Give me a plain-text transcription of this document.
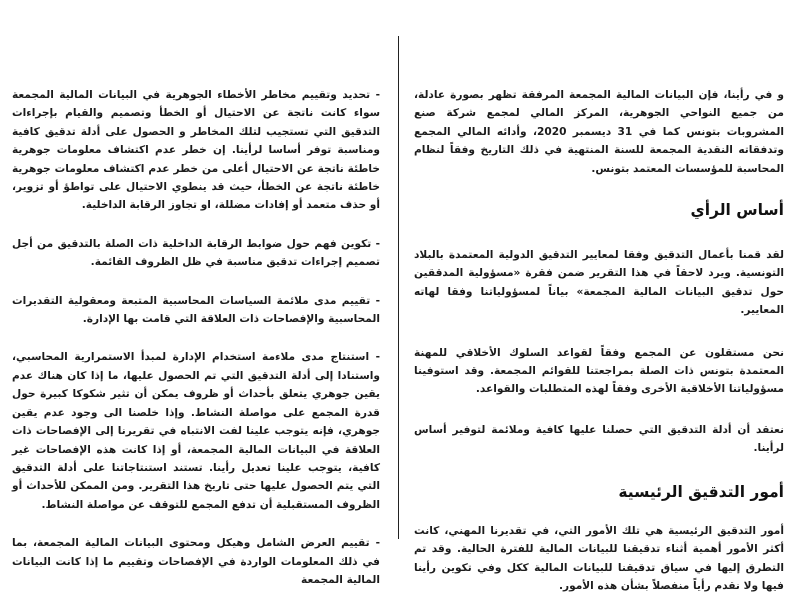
و في رأينا، فإن البيانات المالية المجمعة المرفقة تظهر بصورة عادلة، من جميع النواحي الجوهرية، المركز المالي لمجمع شركة صنع المشروبات بتونس كما في 31 ديسمبر 2020، وأدائه المالي المجمع وتدفقاته النقدية المجمعة للسنة المنتهية في ذلك التاريخ وفقاً لنظام المحاسبة للمؤسسات المعتمد بتونس.

أساس الرأي

لقد قمنا بأعمال التدقيق وفقا لمعايير التدقيق الدولية المعتمدة بالبلاد التونسية. ويرد لاحقاً في هذا التقرير ضمن فقرة «مسؤولية المدققين حول تدقيق البيانات المالية المجمعة» بياناً لمسؤولياتنا وفقا لهاته المعايير.

نحن مستقلون عن المجمع وفقاً لقواعد السلوك الأخلاقي للمهنة المعتمدة بتونس ذات الصلة بمراجعتنا للقوائم المجمعة. وقد استوفينا مسؤولياتنا الأخلاقية الأخرى وفقاً لهذه المتطلبات والقواعد.

نعتقد أن أدلة التدقيق التي حصلنا عليها كافية وملائمة لتوفير أساس لرأينا.

أمور التدقيق الرئيسية

أمور التدقيق الرئيسية هي تلك الأمور التي، في تقديرنا المهني، كانت أكثر الأمور أهمية أثناء تدقيقنا للبيانات المالية للفترة الحالية. وقد تم التطرق إليها في سياق تدقيقنا للبيانات المالية ككل وفي تكوين رأينا فيها ولا نقدم رأياً منفصلاً بشأن هذه الأمور.

- تحديد وتقييم مخاطر الأخطاء الجوهرية في البيانات المالية المجمعة سواء كانت ناتجة عن الاحتيال أو الخطأ وتصميم والقيام بإجراءات التدقيق التي تستجيب لتلك المخاطر و الحصول على أدلة تدقيق كافية ومناسبة توفر أساسا لرأينا. إن خطر عدم اكتشاف معلومات جوهرية خاطئة ناتجة عن الاحتيال أعلى من خطر عدم اكتشاف معلومات جوهرية خاطئة ناتجة عن الخطأ، حيث قد ينطوي الاحتيال على تواطؤ أو تزوير، أو حذف متعمد أو إفادات مضللة، او تجاوز الرقابة الداخلية.

- تكوين فهم حول ضوابط الرقابة الداخلية ذات الصلة بالتدقيق من أجل تصميم إجراءات تدقيق مناسبة في ظل الظروف القائمة.

- تقييم مدى ملائمة السياسات المحاسبية المتبعة ومعقولية التقديرات المحاسبية والإفصاحات ذات العلاقة التي قامت بها الإدارة.

- استنتاج مدى ملاءمة استخدام الإدارة لمبدأ الاستمرارية المحاسبي، واستنادا إلى أدلة التدقيق التي تم الحصول عليها، ما إذا كان هناك عدم يقين جوهري يتعلق بأحداث أو ظروف يمكن أن تثير شكوكا كبيرة حول قدرة المجمع على مواصلة النشاط. وإذا خلصنا الى وجود عدم يقين جوهري، فإنه يتوجب علينا لفت الانتباه في تقريرنا إلى الإفصاحات ذات العلاقة في البيانات المالية المجمعة، أو إذا كانت هذه الإفصاحات غير كافية، يتوجب علينا تعديل رأينا. تستند استنتاجاتنا على أدلة التدقيق التي يتم الحصول عليها حتى تاريخ هذا التقرير. ومن الممكن للأحداث أو الظروف المستقبلية أن تدفع المجمع للتوقف عن مواصلة النشاط.

- تقييم العرض الشامل وهيكل ومحتوى البيانات المالية المجمعة، بما في ذلك المعلومات الواردة في الإفصاحات وتقييم ما إذا كانت البيانات المالية المجمعة
